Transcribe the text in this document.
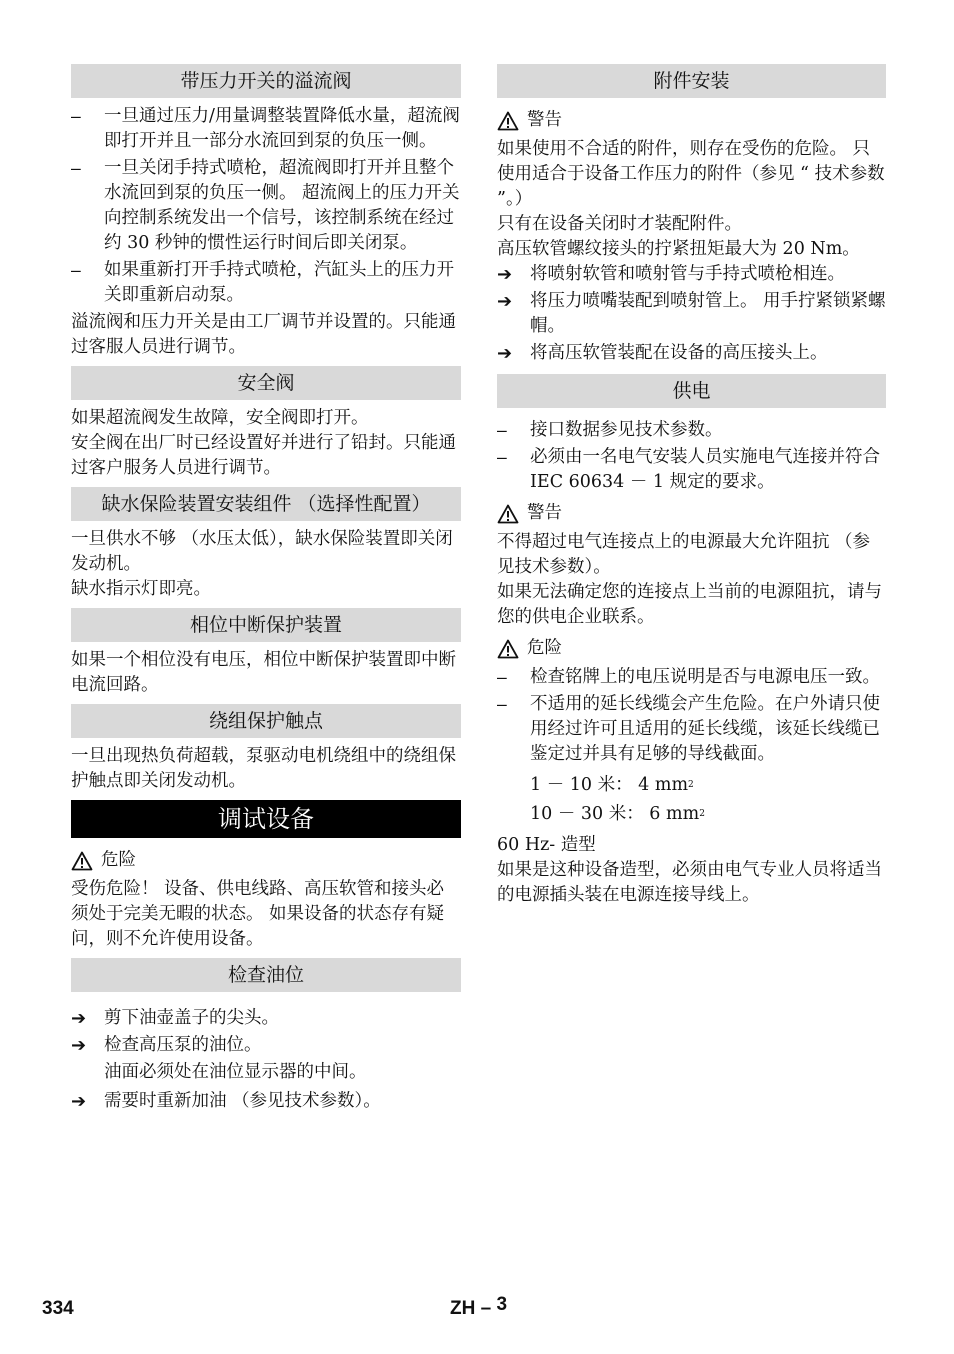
带压力开关的溢流阀
–	一旦通过压力/用量调整装置降低水量，超流阀即打开并且一部分水流回到泵的负压一侧。
–	一旦关闭手持式喷枪，超流阀即打开并且整个水流回到泵的负压一侧。 超流阀上的压力开关向控制系统发出一个信号，该控制系统在经过约 30 秒钟的惯性运行时间后即关闭泵。
–	如果重新打开手持式喷枪，汽缸头上的压力开关即重新启动泵。

溢流阀和压力开关是由工厂调节并设置的。只能通过客服人员进行调节。

安全阀

如果超流阀发生故障，安全阀即打开。

安全阀在出厂时已经设置好并进行了铅封。只能通过客户服务人员进行调节。

缺水保险装置安装组件 （选择性配置）

一旦供水不够 （水压太低），缺水保险装置即关闭发动机。

缺水指示灯即亮。

相位中断保护装置

如果一个相位没有电压，相位中断保护装置即中断电流回路。

绕组保护触点

一旦出现热负荷超载，泵驱动电机绕组中的绕组保护触点即关闭发动机。

调试设备
危险

受伤危险！ 设备、供电线路、高压软管和接头必须处于完美无暇的状态。 如果设备的状态存有疑问，则不允许使用设备。

检查油位
➔	剪下油壶盖子的尖头。
➔	检查高压泵的油位。
油面必须处在油位显示器的中间。
➔	需要时重新加油 （参见技术参数）。
附件安装
警告

如果使用不合适的附件，则存在受伤的危险。 只使用适合于设备工作压力的附件（参见 “ 技术参数 ”。）

只有在设备关闭时才装配附件。

高压软管螺纹接头的拧紧扭矩最大为 20 Nm。

➔	将喷射软管和喷射管与手持式喷枪相连。
➔	将压力喷嘴装配到喷射管上。 用手拧紧锁紧螺帽。
➔	将高压软管装配在设备的高压接头上。
供电
–	接口数据参见技术参数。
–	必须由一名电气安装人员实施电气连接并符合 IEC 60634 － 1 规定的要求。
警告

不得超过电气连接点上的电源最大允许阻抗 （参见技术参数）。

如果无法确定您的连接点上当前的电源阻抗，请与您的供电企业联系。

危险
–	检查铭牌上的电压说明是否与电源电压一致。
–	不适用的延长线缆会产生危险。在户外请只使用经过许可且适用的延长线缆，该延长线缆已鉴定过并具有足够的导线截面。
1 － 10 米： 4 $mm^2$
10 － 30 米： 6 $mm^2$

60 Hz- 造型

如果是这种设备造型，必须由电气专业人员将适当的电源插头装在电源连接导线上。

334	ZH – 3
